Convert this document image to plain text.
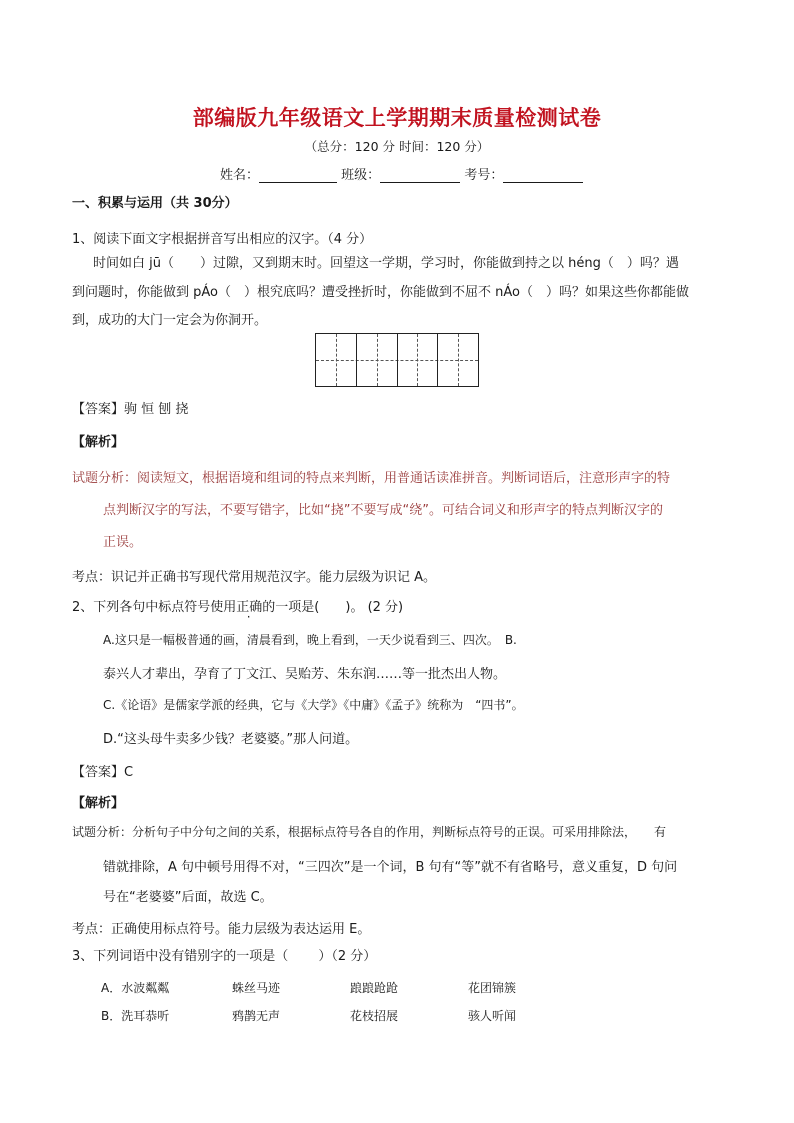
部编版九年级语文上学期期末质量检测试卷
（总分：120 分 时间：120 分）
姓名：	班级：	考号：
一、积累与运用（共 30分）
1、阅读下面文字根据拼音写出相应的汉字。（4 分）
时间如白 jū（　　）过隙，又到期末时。回望这一学期，学习时，你能做到持之以 héng（　）吗？遇
到问题时，你能做到 pÁo（　）根究底吗？遭受挫折时，你能做到不屈不 nÁo（　）吗？如果这些你都能做
到，成功的大门一定会为你洞开。
【答案】驹 恒 刨 挠
【解析】
试题分析：阅读短文，根据语境和组词的特点来判断，用普通话读准拼音。判断词语后，注意形声字的特
点判断汉字的写法，不要写错字，比如“挠”不要写成“绕”。可结合词义和形声字的特点判断汉字的
正误。
考点：识记并正确书写现代常用规范汉字。能力层级为识记 A。
2、下列各句中标点符号使用正确的一项是(　　)。 (2 分)
A.这只是一幅极普通的画，清晨看到，晚上看到，一天少说看到三、四次。　B.
泰兴人才辈出，孕育了丁文江、吴贻芳、朱东润……等一批杰出人物。
C.《论语》是儒家学派的经典，它与《大学》《中庸》《孟子》统称为　“四书”。
D.“这头母牛卖多少钱？老婆婆。”那人问道。
【答案】C
【解析】
试题分析：分析句子中分句之间的关系，根据标点符号各自的作用，判断标点符号的正误。可采用排除法，　　有
错就排除，A 句中顿号用得不对，“三四次”是一个词，B 句有“等”就不有省略号，意义重复，D 句问
号在“老婆婆”后面，故选 C。
考点：正确使用标点符号。能力层级为表达运用 E。
3、下列词语中没有错别字的一项是（　　 ）（2 分）
A．水波粼粼	蛛丝马迹	踉踉跄跄	花团锦簇
B．洗耳恭听	鸦鹊无声	花枝招展	骇人听闻
